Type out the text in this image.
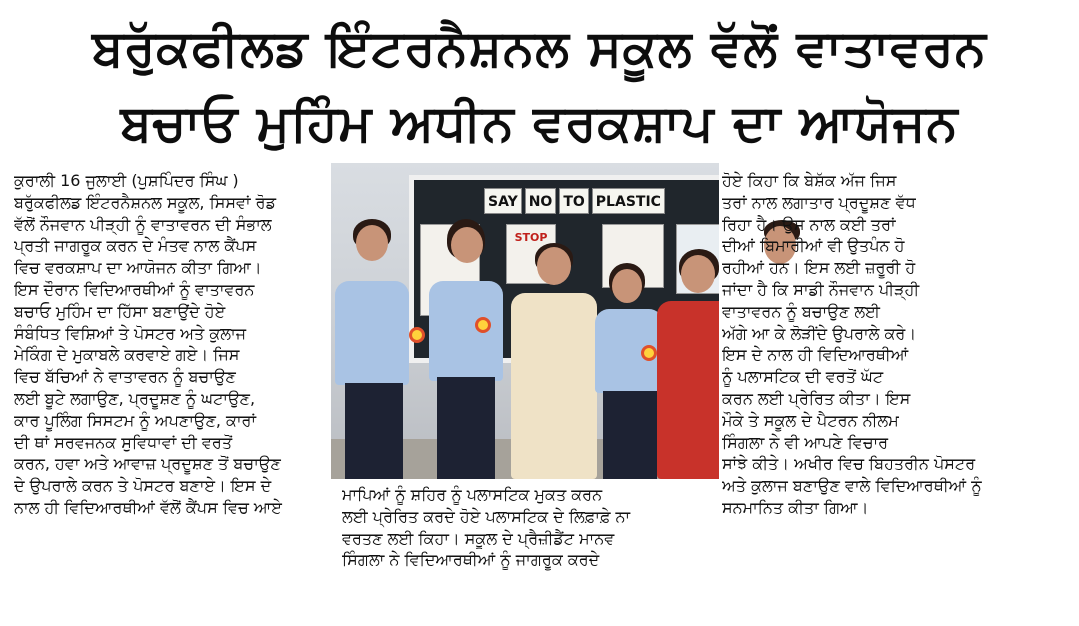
ਬਰੁੱਕਫੀਲਡ ਇੰਟਰਨੈਸ਼ਨਲ ਸਕੂਲ ਵੱਲੋਂ ਵਾਤਾਵਰਨ
ਬਚਾਓ ਮੁਹਿੰਮ ਅਧੀਨ ਵਰਕਸ਼ਾਪ ਦਾ ਆਯੋਜਨ
ਕੁਰਾਲੀ 16 ਜੁਲਾਈ (ਪੁਸ਼ਪਿੰਦਰ ਸਿੰਘ )
ਬਰੁੱਕਫੀਲਡ ਇੰਟਰਨੈਸ਼ਨਲ ਸਕੂਲ, ਸਿਸਵਾਂ ਰੋਡ
ਵੱਲੋਂ ਨੌਜਵਾਨ ਪੀੜ੍ਹੀ ਨੂੰ ਵਾਤਾਵਰਨ ਦੀ ਸੰਭਾਲ
ਪ੍ਰਤੀ ਜਾਗਰੂਕ ਕਰਨ ਦੇ ਮੰਤਵ ਨਾਲ ਕੈਂਪਸ
ਵਿਚ ਵਰਕਸ਼ਾਪ ਦਾ ਆਯੋਜਨ ਕੀਤਾ ਗਿਆ।
ਇਸ ਦੌਰਾਨ ਵਿਦਿਆਰਥੀਆਂ ਨੂੰ ਵਾਤਾਵਰਨ
ਬਚਾਓ ਮੁਹਿੰਮ ਦਾ ਹਿੱਸਾ ਬਣਾਉਂਦੇ ਹੋਏ
ਸੰਬੰਧਿਤ ਵਿਸ਼ਿਆਂ ਤੇ ਪੋਸਟਰ ਅਤੇ ਕੁਲਾਜ
ਮੇਕਿੰਗ ਦੇ ਮੁਕਾਬਲੇ ਕਰਵਾਏ ਗਏ। ਜਿਸ
ਵਿਚ ਬੱਚਿਆਂ ਨੇ ਵਾਤਾਵਰਨ ਨੂੰ ਬਚਾਉਣ
ਲਈ ਬੂਟੇ ਲਗਾਉਣ, ਪ੍ਰਦੂਸ਼ਣ ਨੂੰ ਘਟਾਉਣ,
ਕਾਰ ਪੂਲਿੰਗ ਸਿਸਟਮ ਨੂੰ ਅਪਣਾਉਣ, ਕਾਰਾਂ
ਦੀ ਥਾਂ ਸਰਵਜਨਕ ਸੁਵਿਧਾਵਾਂ ਦੀ ਵਰਤੋਂ
ਕਰਨ, ਹਵਾ ਅਤੇ ਆਵਾਜ਼ ਪ੍ਰਦੂਸ਼ਣ ਤੋਂ ਬਚਾਉਣ
ਦੇ ਉਪਰਾਲੇ ਕਰਨ ਤੇ ਪੋਸਟਰ ਬਣਾਏ। ਇਸ ਦੇ
ਨਾਲ ਹੀ ਵਿਦਿਆਰਥੀਆਂ ਵੱਲੋਂ ਕੈਂਪਸ ਵਿਚ ਆਏ
SAY NO TO PLASTIC
STOP
ਮਾਪਿਆਂ ਨੂੰ ਸ਼ਹਿਰ ਨੂੰ ਪਲਾਸਟਿਕ ਮੁਕਤ ਕਰਨ
ਲਈ ਪ੍ਰੇਰਿਤ ਕਰਦੇ ਹੋਏ ਪਲਾਸਟਿਕ ਦੇ ਲਿਫ਼ਾਫ਼ੇ ਨਾ
ਵਰਤਣ ਲਈ ਕਿਹਾ। ਸਕੂਲ ਦੇ ਪ੍ਰੈਜ਼ੀਡੈਂਟ ਮਾਨਵ
ਸਿੰਗਲਾ ਨੇ ਵਿਦਿਆਰਥੀਆਂ ਨੂੰ ਜਾਗਰੂਕ ਕਰਦੇ
ਹੋਏ ਕਿਹਾ ਕਿ ਬੇਸ਼ੱਕ ਅੱਜ ਜਿਸ
ਤਰਾਂ ਨਾਲ ਲਗਾਤਾਰ ਪ੍ਰਦੂਸ਼ਣ ਵੱਧ
ਰਿਹਾ ਹੈ। ਉਸ ਨਾਲ ਕਈ ਤਰਾਂ
ਦੀਆਂ ਬਿਮਾਰੀਆਂ ਵੀ ਉਤਪੰਨ ਹੋ
ਰਹੀਆਂ ਹਨ। ਇਸ ਲਈ ਜ਼ਰੂਰੀ ਹੋ
ਜਾਂਦਾ ਹੈ ਕਿ ਸਾਡੀ ਨੌਜਵਾਨ ਪੀੜ੍ਹੀ
ਵਾਤਾਵਰਨ ਨੂੰ ਬਚਾਉਣ ਲਈ
ਅੱਗੇ ਆ ਕੇ ਲੋੜੀਂਦੇ ਉਪਰਾਲੇ ਕਰੇ।
ਇਸ ਦੇ ਨਾਲ ਹੀ ਵਿਦਿਆਰਥੀਆਂ
ਨੂੰ ਪਲਾਸਟਿਕ ਦੀ ਵਰਤੋਂ ਘੱਟ
ਕਰਨ ਲਈ ਪ੍ਰੇਰਿਤ ਕੀਤਾ। ਇਸ
ਮੌਕੇ ਤੇ ਸਕੂਲ ਦੇ ਪੈਟਰਨ ਨੀਲਮ
ਸਿੰਗਲਾ ਨੇ ਵੀ ਆਪਣੇ ਵਿਚਾਰ
ਸਾਂਝੇ ਕੀਤੇ। ਅਖੀਰ ਵਿਚ ਬਿਹਤਰੀਨ ਪੋਸਟਰ
ਅਤੇ ਕੁਲਾਜ ਬਣਾਉਣ ਵਾਲੇ ਵਿਦਿਆਰਥੀਆਂ ਨੂੰ
ਸਨਮਾਨਿਤ ਕੀਤਾ ਗਿਆ।
